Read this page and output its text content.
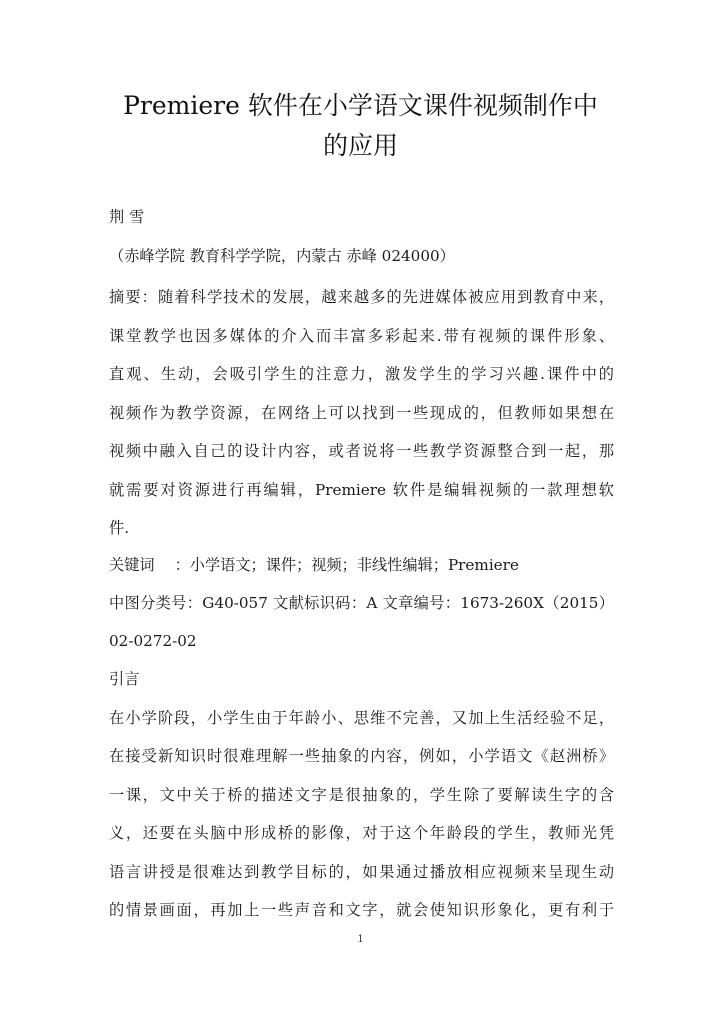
Premiere 软件在小学语文课件视频制作中
的应用
荆 雪
（赤峰学院 教育科学学院，内蒙古 赤峰 024000）
摘要：随着科学技术的发展，越来越多的先进媒体被应用到教育中来，
课堂教学也因多媒体的介入而丰富多彩起来.带有视频的课件形象、
直观、生动，会吸引学生的注意力，激发学生的学习兴趣.课件中的
视频作为教学资源，在网络上可以找到一些现成的，但教师如果想在
视频中融入自己的设计内容，或者说将一些教学资源整合到一起，那
就需要对资源进行再编辑，Premiere 软件是编辑视频的一款理想软
件.
关键词　 ：小学语文；课件；视频；非线性编辑；Premiere
中图分类号：G40-057 文献标识码：A 文章编号：1673-260X（2015）
02-0272-02
引言
在小学阶段，小学生由于年龄小、思维不完善，又加上生活经验不足，
在接受新知识时很难理解一些抽象的内容，例如，小学语文《赵洲桥》
一课，文中关于桥的描述文字是很抽象的，学生除了要解读生字的含
义，还要在头脑中形成桥的影像，对于这个年龄段的学生，教师光凭
语言讲授是很难达到教学目标的，如果通过播放相应视频来呈现生动
的情景画面，再加上一些声音和文字，就会使知识形象化，更有利于
1
